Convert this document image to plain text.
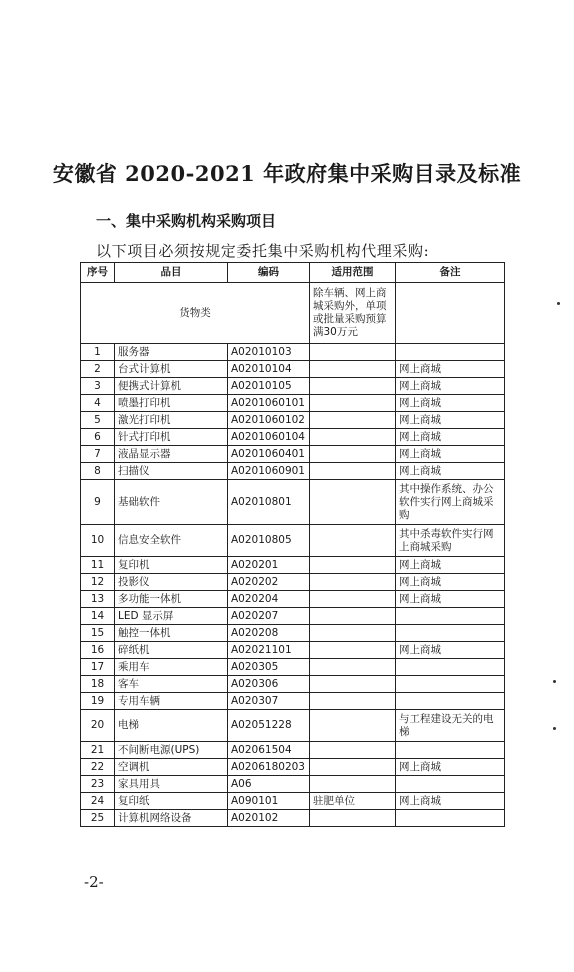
安徽省 2020-2021 年政府集中采购目录及标准
一、集中采购机构采购项目
以下项目必须按规定委托集中采购机构代理采购:
序号	品目	编码	适用范围	备注
货物类			除车辆、网上商城采购外，单项或批量采购预算满30万元	
1	服务器	A02010103		
2	台式计算机	A02010104		网上商城
3	便携式计算机	A02010105		网上商城
4	喷墨打印机	A0201060101		网上商城
5	激光打印机	A0201060102		网上商城
6	针式打印机	A0201060104		网上商城
7	液晶显示器	A0201060401		网上商城
8	扫描仪	A0201060901		网上商城
9	基础软件	A02010801		其中操作系统、办公软件实行网上商城采购
10	信息安全软件	A02010805		其中杀毒软件实行网上商城采购
11	复印机	A020201		网上商城
12	投影仪	A020202		网上商城
13	多功能一体机	A020204		网上商城
14	LED 显示屏	A020207		
15	触控一体机	A020208		
16	碎纸机	A02021101		网上商城
17	乘用车	A020305		
18	客车	A020306		
19	专用车辆	A020307		
20	电梯	A02051228		与工程建设无关的电梯
21	不间断电源(UPS)	A02061504		
22	空调机	A0206180203		网上商城
23	家具用具	A06		
24	复印纸	A090101	驻肥单位	网上商城
25	计算机网络设备	A020102		
-2-
